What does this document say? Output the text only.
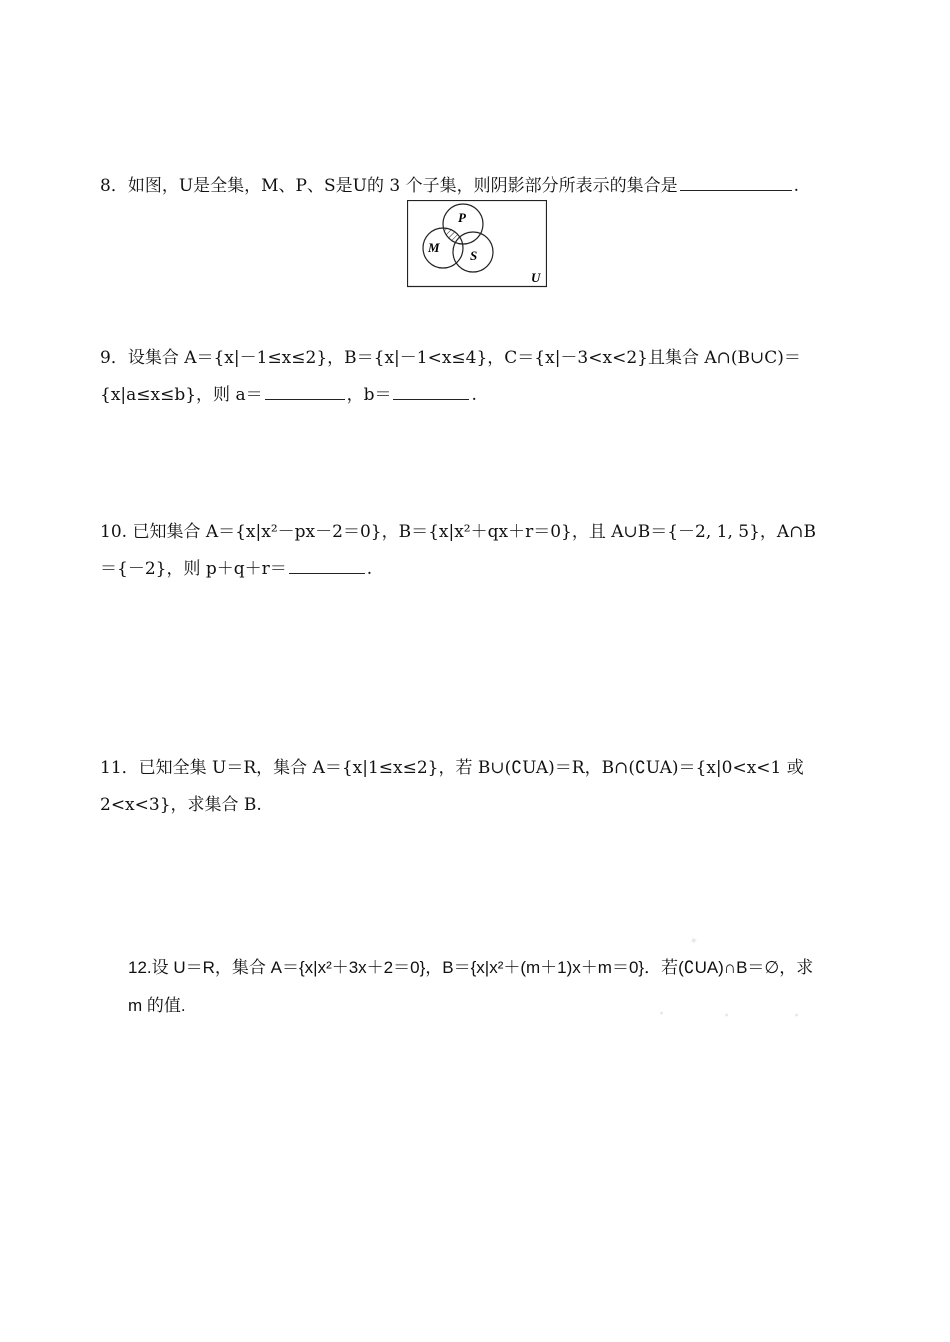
8．如图，U是全集，M、P、S是U的 3 个子集，则阴影部分所表示的集合是	.
P
M
S
U
9．设集合 A＝{x|－1≤x≤2}，B＝{x|－1<x≤4}，C＝{x|－3<x<2}且集合 A∩(B∪C)＝
{x|a≤x≤b}，则 a＝	，b＝	.
10. 已知集合 A＝{x|x²－px－2＝0}，B＝{x|x²＋qx＋r＝0}，且 A∪B＝{－2, 1, 5}，A∩B
＝{－2}，则 p＋q＋r＝	.
11．已知全集 U＝R，集合 A＝{x|1≤x≤2}，若 B∪(∁UA)＝R，B∩(∁UA)＝{x|0<x<1 或
2<x<3}，求集合 B.
12.设 U＝R，集合 A＝{x|x²＋3x＋2＝0}，B＝{x|x²＋(m＋1)x＋m＝0}．若(∁UA)∩B＝∅，求
m 的值.
✦
▪	▪	▪
